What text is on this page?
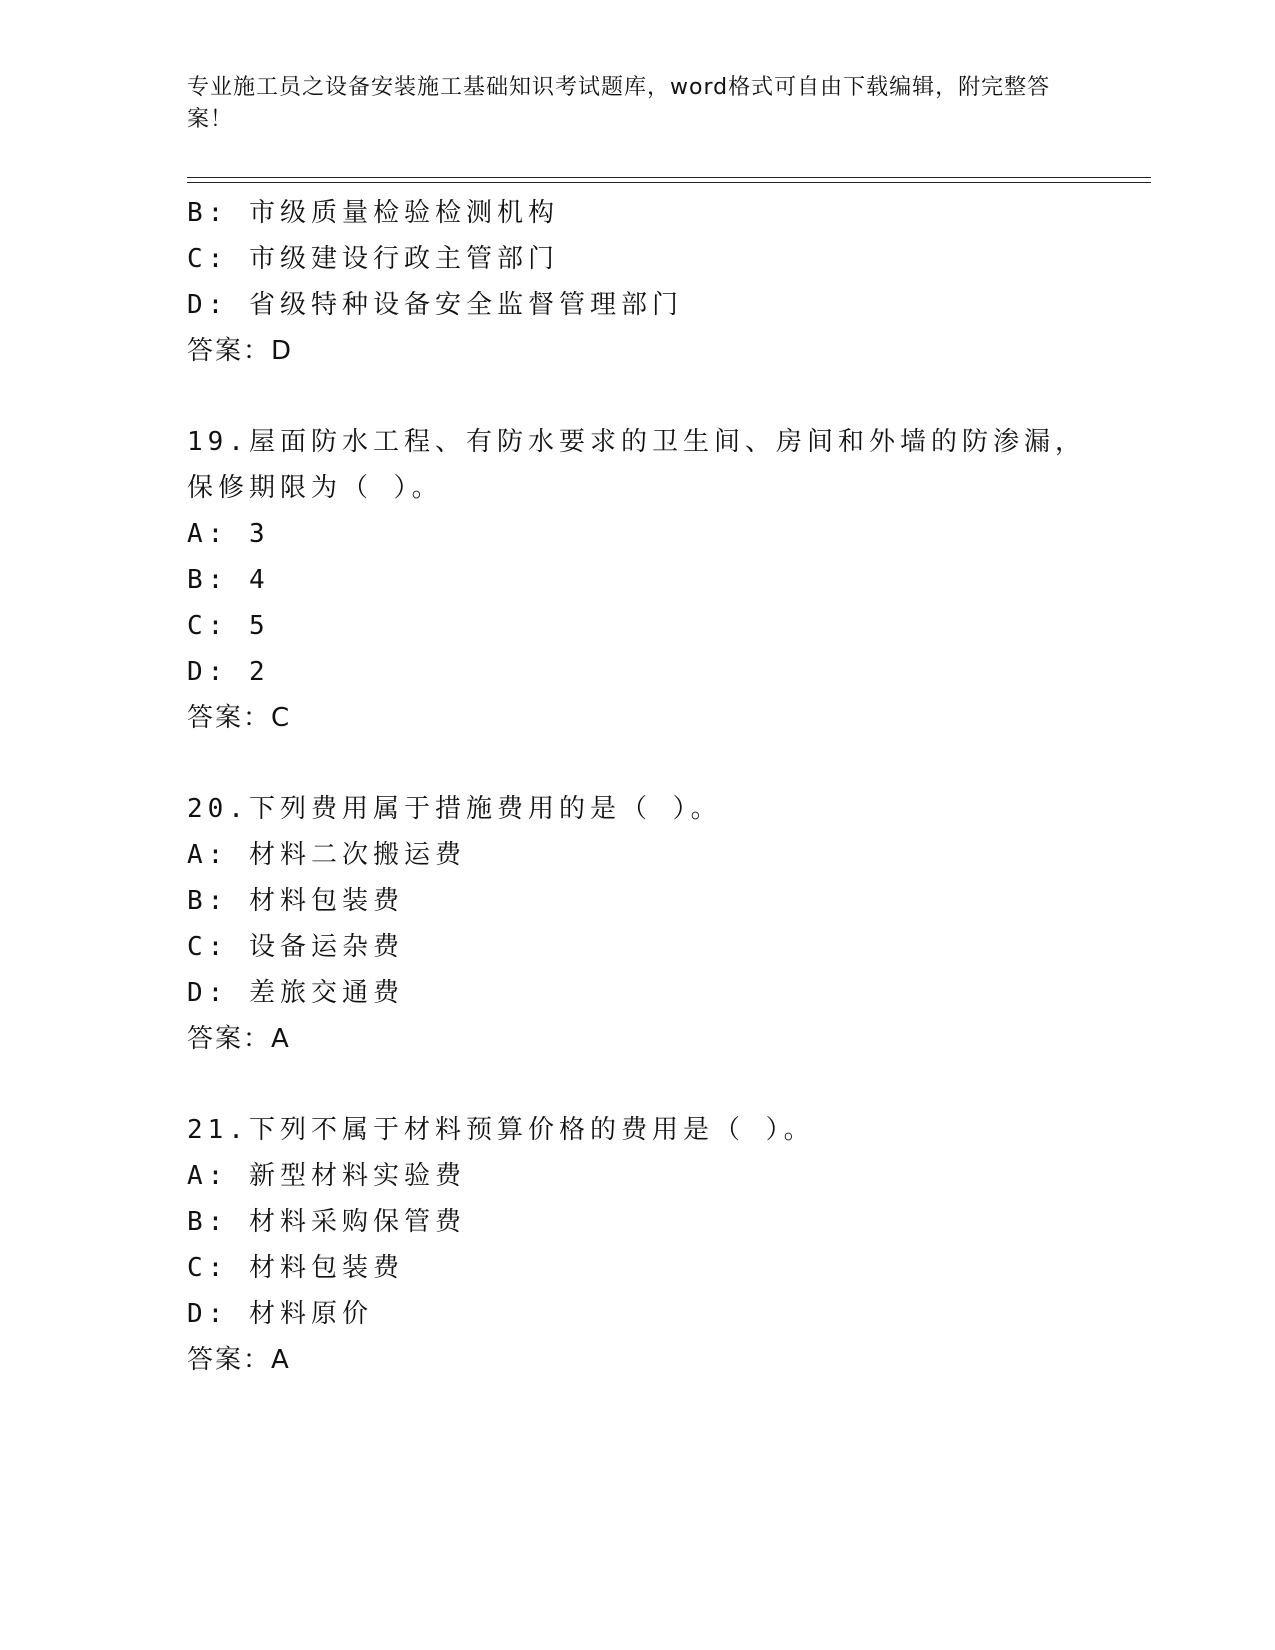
专业施工员之设备安装施工基础知识考试题库，word格式可自由下载编辑，附完整答案！
B: 市级质量检验检测机构
C: 市级建设行政主管部门
D: 省级特种设备安全监督管理部门
答案：D
19.屋面防水工程、有防水要求的卫生间、房间和外墙的防渗漏，保修期限为（ ）。
A: 3
B: 4
C: 5
D: 2
答案：C
20.下列费用属于措施费用的是（ ）。
A: 材料二次搬运费
B: 材料包装费
C: 设备运杂费
D: 差旅交通费
答案：A
21.下列不属于材料预算价格的费用是（ ）。
A: 新型材料实验费
B: 材料采购保管费
C: 材料包装费
D: 材料原价
答案：A
